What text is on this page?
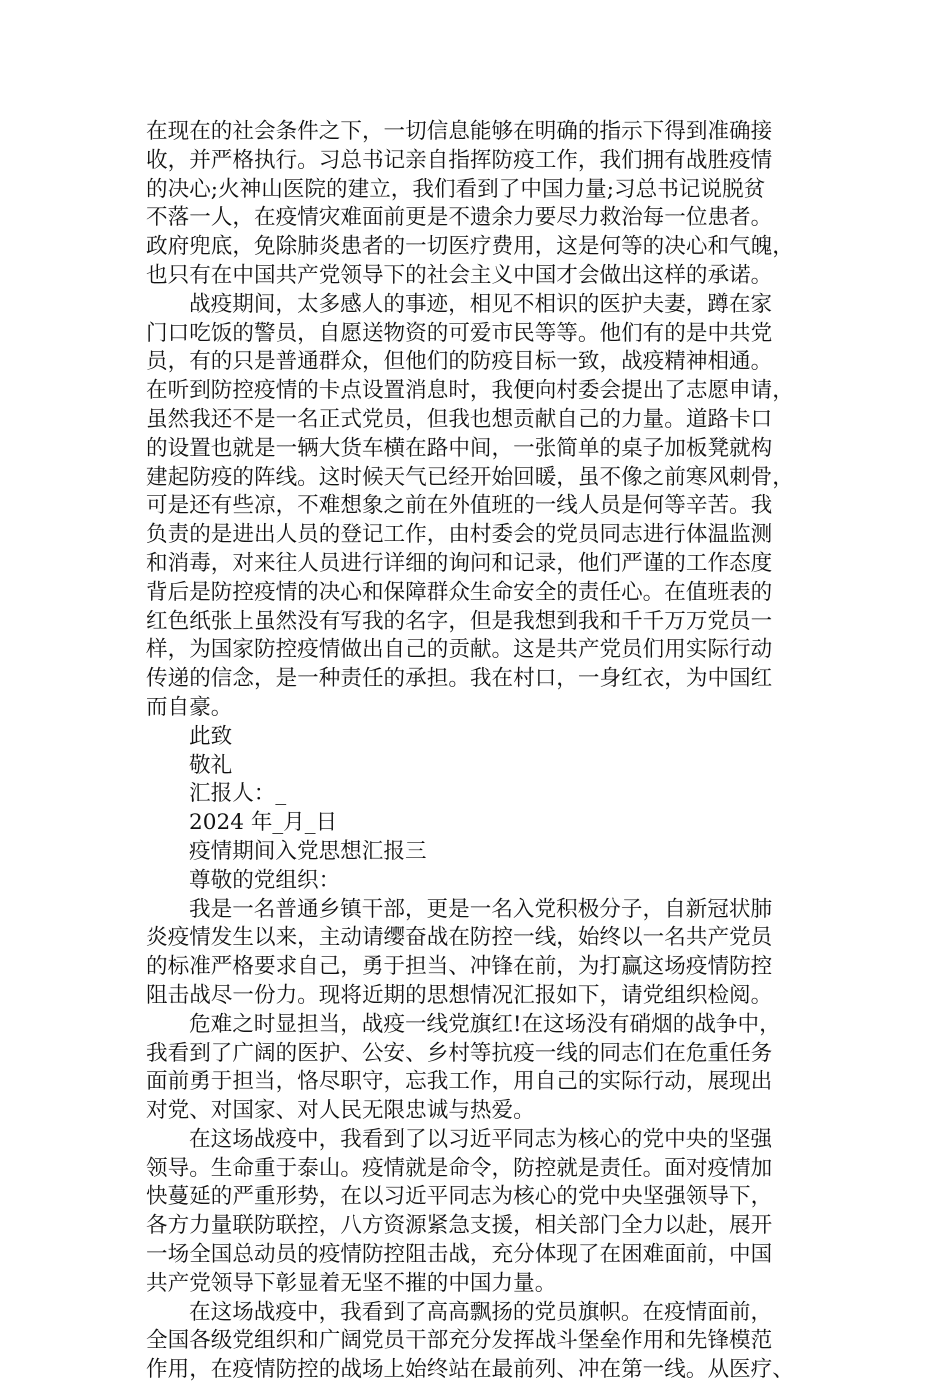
在现在的社会条件之下，一切信息能够在明确的指示下得到准确接
收，并严格执行。习总书记亲自指挥防疫工作，我们拥有战胜疫情
的决心;火神山医院的建立，我们看到了中国力量;习总书记说脱贫
不落一人，在疫情灾难面前更是不遗余力要尽力救治每一位患者。
政府兜底，免除肺炎患者的一切医疗费用，这是何等的决心和气魄，
也只有在中国共产党领导下的社会主义中国才会做出这样的承诺。
战疫期间，太多感人的事迹，相见不相识的医护夫妻，蹲在家
门口吃饭的警员，自愿送物资的可爱市民等等。他们有的是中共党
员，有的只是普通群众，但他们的防疫目标一致，战疫精神相通。
在听到防控疫情的卡点设置消息时，我便向村委会提出了志愿申请，
虽然我还不是一名正式党员，但我也想贡献自己的力量。道路卡口
的设置也就是一辆大货车横在路中间，一张简单的桌子加板凳就构
建起防疫的阵线。这时候天气已经开始回暖，虽不像之前寒风刺骨，
可是还有些凉，不难想象之前在外值班的一线人员是何等辛苦。我
负责的是进出人员的登记工作，由村委会的党员同志进行体温监测
和消毒，对来往人员进行详细的询问和记录，他们严谨的工作态度
背后是防控疫情的决心和保障群众生命安全的责任心。在值班表的
红色纸张上虽然没有写我的名字，但是我想到我和千千万万党员一
样，为国家防控疫情做出自己的贡献。这是共产党员们用实际行动
传递的信念，是一种责任的承担。我在村口，一身红衣，为中国红
而自豪。
此致
敬礼
汇报人：_
2024 年_月_日
疫情期间入党思想汇报三
尊敬的党组织：
我是一名普通乡镇干部，更是一名入党积极分子，自新冠状肺
炎疫情发生以来，主动请缨奋战在防控一线，始终以一名共产党员
的标准严格要求自己，勇于担当、冲锋在前，为打赢这场疫情防控
阻击战尽一份力。现将近期的思想情况汇报如下，请党组织检阅。
危难之时显担当，战疫一线党旗红!在这场没有硝烟的战争中，
我看到了广阔的医护、公安、乡村等抗疫一线的同志们在危重任务
面前勇于担当，恪尽职守，忘我工作，用自己的实际行动，展现出
对党、对国家、对人民无限忠诚与热爱。
在这场战疫中，我看到了以习近平同志为核心的党中央的坚强
领导。生命重于泰山。疫情就是命令，防控就是责任。面对疫情加
快蔓延的严重形势，在以习近平同志为核心的党中央坚强领导下，
各方力量联防联控，八方资源紧急支援，相关部门全力以赴，展开
一场全国总动员的疫情防控阻击战，充分体现了在困难面前，中国
共产党领导下彰显着无坚不摧的中国力量。
在这场战疫中，我看到了高高飘扬的党员旗帜。在疫情面前，
全国各级党组织和广阔党员干部充分发挥战斗堡垒作用和先锋模范
作用，在疫情防控的战场上始终站在最前列、冲在第一线。从医疗、
